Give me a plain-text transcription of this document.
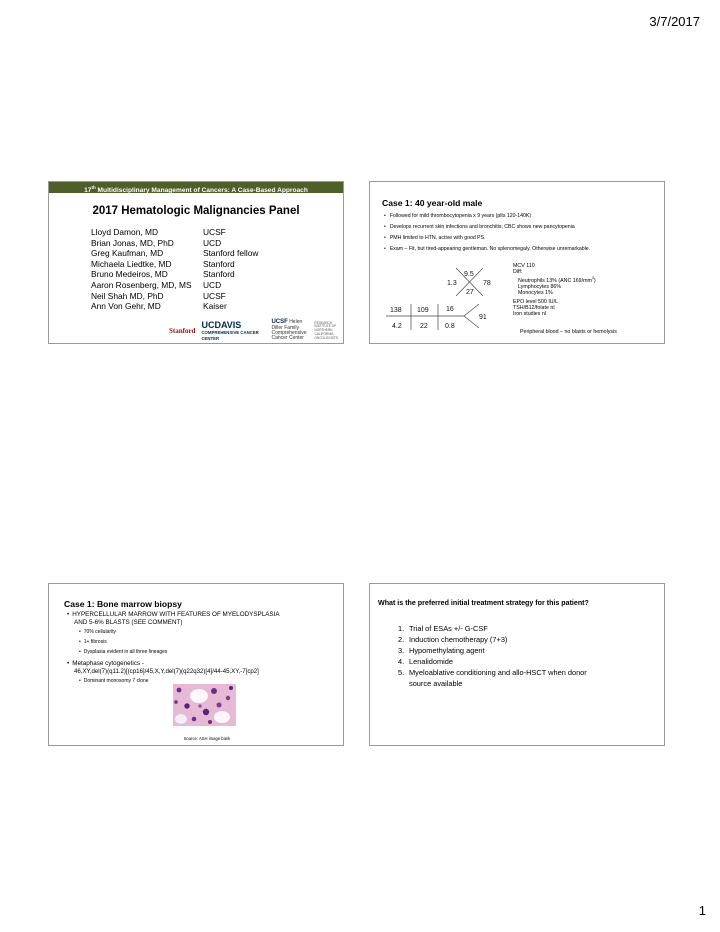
3/7/2017
17th Multidisciplinary Management of Cancers: A Case-Based Approach
2017 Hematologic Malignancies Panel
Lloyd Damon, MD	UCSF
Brian Jonas, MD, PhD	UCD
Greg Kaufman, MD	Stanford fellow
Michaela Liedtke, MD	Stanford
Bruno Medeiros, MD	Stanford
Aaron Rosenberg, MD, MS	UCD
Neil Shah MD, PhD	UCSF
Ann Von Gehr, MD	Kaiser
Stanford
UCDAVIS
COMPREHENSIVE CANCER CENTER
UCSF Helen Diller Family Comprehensive Cancer Center
RESEARCH INSTITUTE OF NORTHERN CALIFORNIA ONCOLOGISTS
Case 1: 40 year-old male
• Followed for mild thrombocytopenia x 9 years (plts 120-140K)
• Develops recurrent skin infections and bronchitis; CBC shows new pancytopenia
• PMH limited to HTN, active with good PS.
• Exam – Fit, but tired-appearing gentleman. No splenomegaly. Otherwise unremarkable.
1.3
9.5
27
78
138 109 16
4.2	22 0.8
91
MCV 110
Diff:
Neutrophils 13% (ANC $169/mm^3$)
Lymphocytes 86%
Monocytes 1%
EPO level 500 IU/L
TSH/B12/folate nl
Iron studies nl
Peripheral blood – no blasts or hemolysis
Case 1: Bone marrow biopsy
• HYPERCELLULAR MARROW WITH FEATURES OF MYELODYSPLASIA
AND 5-6% BLASTS (SEE COMMENT)
• 70% cellularity
• 1+ fibrosis
• Dysplasia evident in all three lineages
• Metaphase cytogenetics -
46,XY,del(7)(q11.2)[(cp16]/45,X,Y,del(7)(q22q32)[4]/44-45,XY,-7[cp2]
• Dominant monosomy 7 clone
Source: ASH image bank
What is the preferred initial treatment strategy for this patient?
1. Trial of ESAs +/- G-CSF
2. Induction chemotherapy (7+3)
3. Hypomethylating agent
4. Lenalidomide
5. Myeloablative conditioning and allo-HSCT when donor
source available
1
